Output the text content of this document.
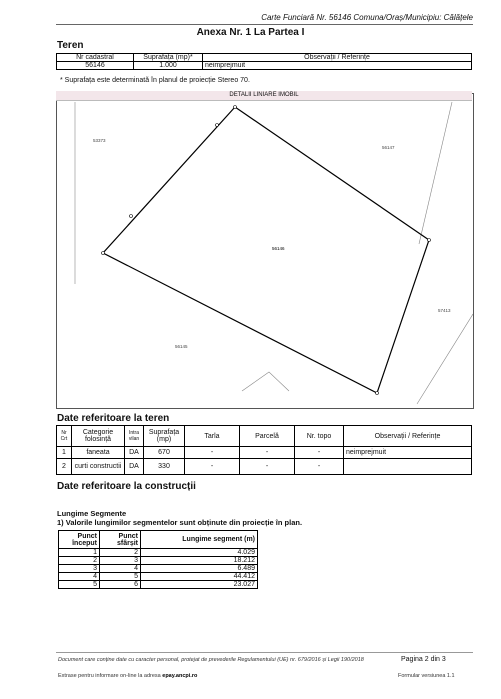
Carte Funciară Nr. 56146 Comuna/Oraș/Municipiu: Călățele
Anexa Nr. 1 La Partea I
Teren
Nr cadastral	Suprafața (mp)*	Observații / Referințe
56146	1.000	neimprejmuit
* Suprafața este determinată în planul de proiecție Stereo 70.
56146
53373
56147
57413
56145
DETALII LINIARE IMOBIL
Date referitoare la teren
Nr Crt	Categorie folosință	Intra vilan	Suprafața (mp)	Tarla	Parcelă	Nr. topo	Observații / Referințe
1	faneata	DA	670	-	-	-	neimprejmuit
2	curti constructii	DA	330	-	-	-	
Date referitoare la construcții
Lungime Segmente
1) Valorile lungimilor segmentelor sunt obținute din proiecție în plan.
Punct început	Punct sfârșit	Lungime segment (m)
1	2	4.029
2	3	18.212
3	4	6.489
4	5	44.412
5	6	23.027
Document care conține date cu caracter personal, protejat de prevederile Regulamentului (UE) nr. 679/2016 și Legii 190/2018	Pagina 2 din 3
Extrase pentru informare on-line la adresa epay.ancpi.ro	Formular versiunea 1.1
